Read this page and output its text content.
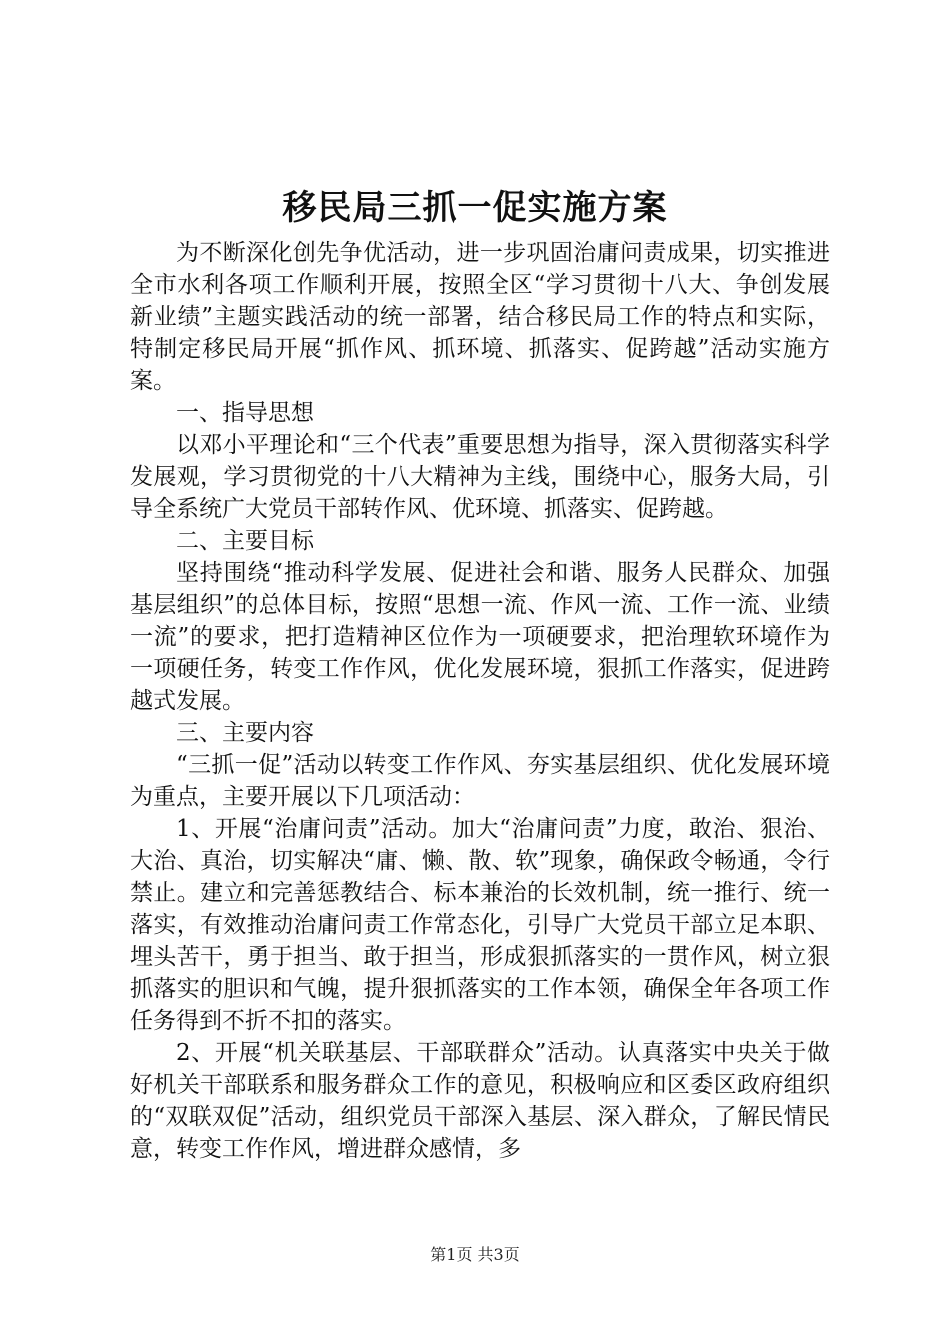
移民局三抓一促实施方案

为不断深化创先争优活动，进一步巩固治庸问责成果，切实推进全市水利各项工作顺利开展，按照全区“学习贯彻十八大、争创发展新业绩”主题实践活动的统一部署，结合移民局工作的特点和实际，特制定移民局开展“抓作风、抓环境、抓落实、促跨越”活动实施方案。

一、指导思想

以邓小平理论和“三个代表”重要思想为指导，深入贯彻落实科学发展观，学习贯彻党的十八大精神为主线，围绕中心，服务大局，引导全系统广大党员干部转作风、优环境、抓落实、促跨越。

二、主要目标

坚持围绕“推动科学发展、促进社会和谐、服务人民群众、加强基层组织”的总体目标，按照“思想一流、作风一流、工作一流、业绩一流”的要求，把打造精神区位作为一项硬要求，把治理软环境作为一项硬任务，转变工作作风，优化发展环境，狠抓工作落实，促进跨越式发展。

三、主要内容

“三抓一促”活动以转变工作作风、夯实基层组织、优化发展环境为重点，主要开展以下几项活动：

1、开展“治庸问责”活动。加大“治庸问责”力度，敢治、狠治、大治、真治，切实解决“庸、懒、散、软”现象，确保政令畅通，令行禁止。建立和完善惩教结合、标本兼治的长效机制，统一推行、统一落实，有效推动治庸问责工作常态化，引导广大党员干部立足本职、埋头苦干，勇于担当、敢于担当，形成狠抓落实的一贯作风，树立狠抓落实的胆识和气魄，提升狠抓落实的工作本领，确保全年各项工作任务得到不折不扣的落实。

2、开展“机关联基层、干部联群众”活动。认真落实中央关于做好机关干部联系和服务群众工作的意见，积极响应和区委区政府组织的“双联双促”活动，组织党员干部深入基层、深入群众，了解民情民意，转变工作作风，增进群众感情，多

第1页 共3页
